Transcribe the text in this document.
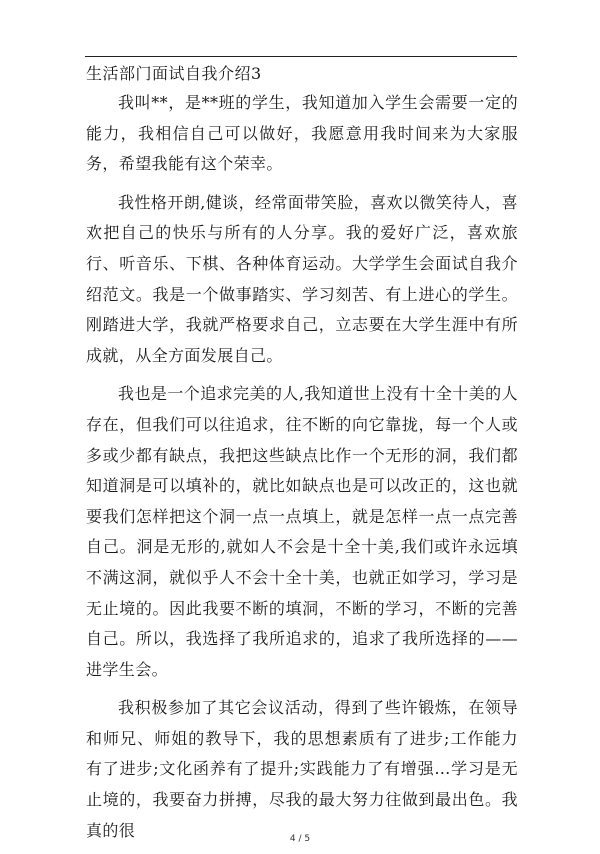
生活部门面试自我介绍3

我叫**，是**班的学生，我知道加入学生会需要一定的能力，我相信自己可以做好，我愿意用我时间来为大家服务，希望我能有这个荣幸。

我性格开朗,健谈，经常面带笑脸，喜欢以微笑待人，喜欢把自己的快乐与所有的人分享。我的爱好广泛，喜欢旅行、听音乐、下棋、各种体育运动。大学学生会面试自我介绍范文。我是一个做事踏实、学习刻苦、有上进心的学生。刚踏进大学，我就严格要求自己，立志要在大学生涯中有所成就，从全方面发展自己。

我也是一个追求完美的人,我知道世上没有十全十美的人存在，但我们可以往追求，往不断的向它靠拢，每一个人或多或少都有缺点，我把这些缺点比作一个无形的洞，我们都知道洞是可以填补的，就比如缺点也是可以改正的，这也就要我们怎样把这个洞一点一点填上，就是怎样一点一点完善自己。洞是无形的,就如人不会是十全十美,我们或许永远填不满这洞，就似乎人不会十全十美，也就正如学习，学习是无止境的。因此我要不断的填洞，不断的学习，不断的完善自己。所以，我选择了我所追求的，追求了我所选择的——进学生会。

我积极参加了其它会议活动，得到了些许锻炼，在领导和师兄、师姐的教导下，我的思想素质有了进步;工作能力有了进步;文化函养有了提升;实践能力了有增强…学习是无止境的，我要奋力拼搏，尽我的最大努力往做到最出色。我真的很	4 / 5
